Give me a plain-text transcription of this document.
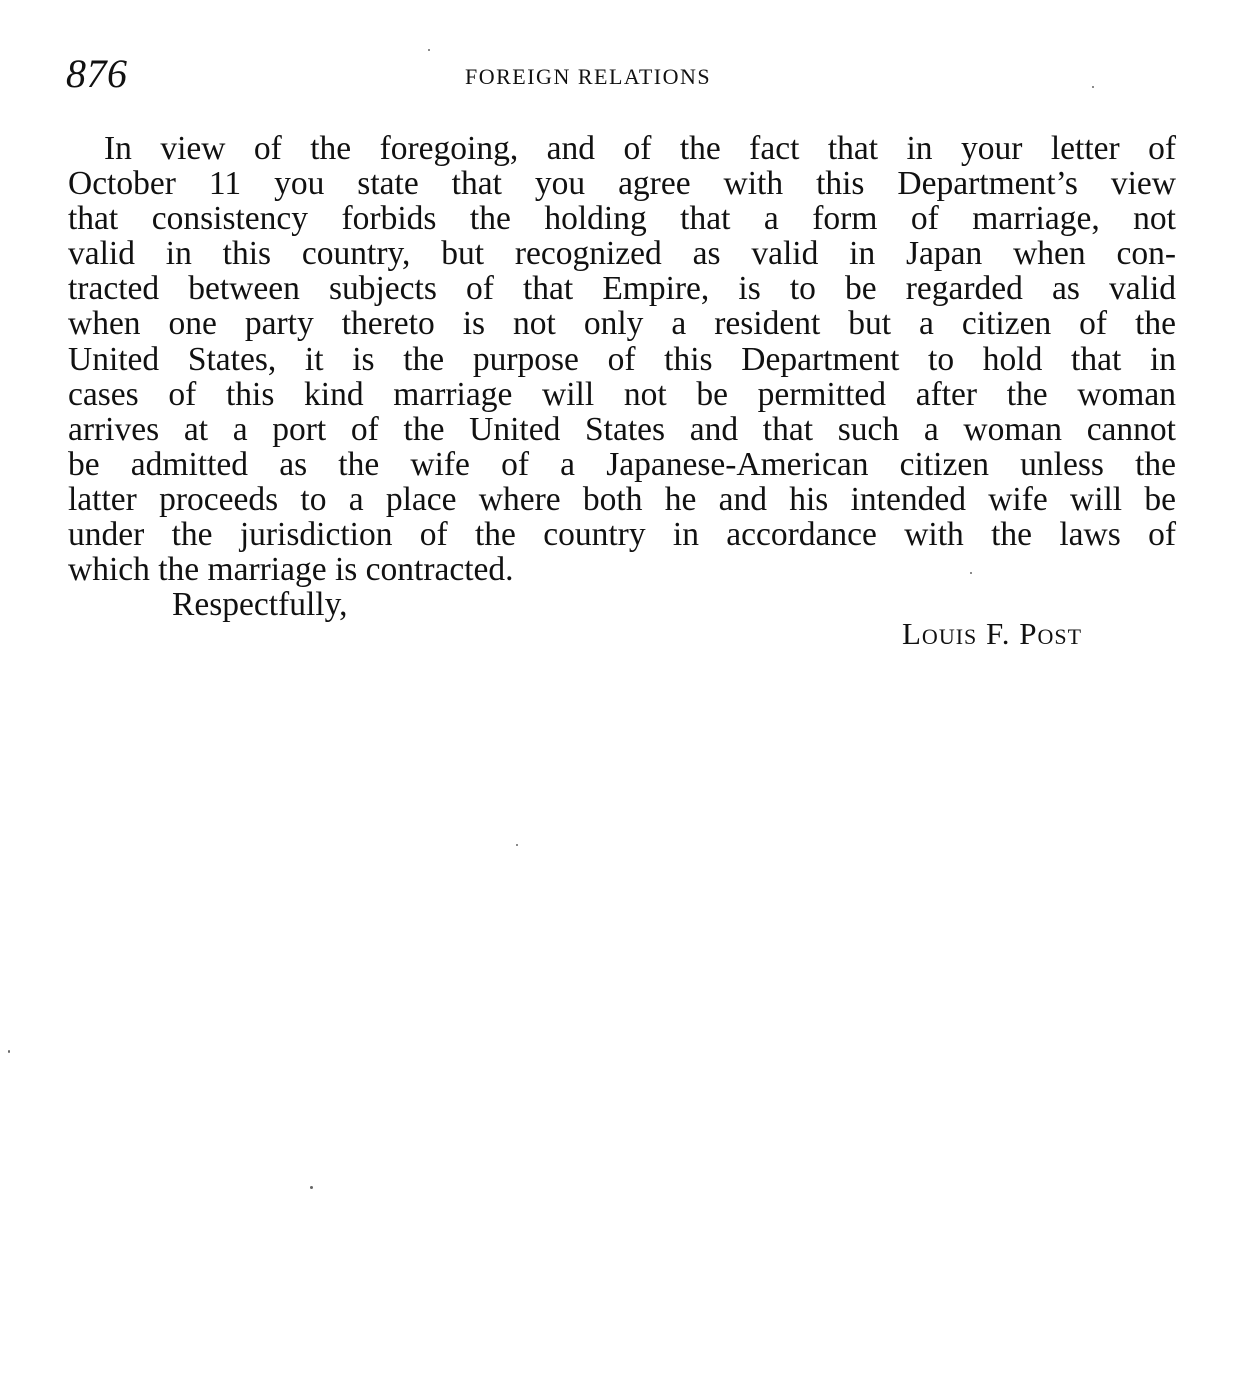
876	FOREIGN RELATIONS
In view of the foregoing, and of the fact that in your letter of
October 11 you state that you agree with this Department’s view
that consistency forbids the holding that a form of marriage, not
valid in this country, but recognized as valid in Japan when con-
tracted between subjects of that Empire, is to be regarded as valid
when one party thereto is not only a resident but a citizen of the
United States, it is the purpose of this Department to hold that in
cases of this kind marriage will not be permitted after the woman
arrives at a port of the United States and that such a woman cannot
be admitted as the wife of a Japanese-American citizen unless the
latter proceeds to a place where both he and his intended wife will be
under the jurisdiction of the country in accordance with the laws of
which the marriage is contracted.
Respectfully,
Louis F. Post
